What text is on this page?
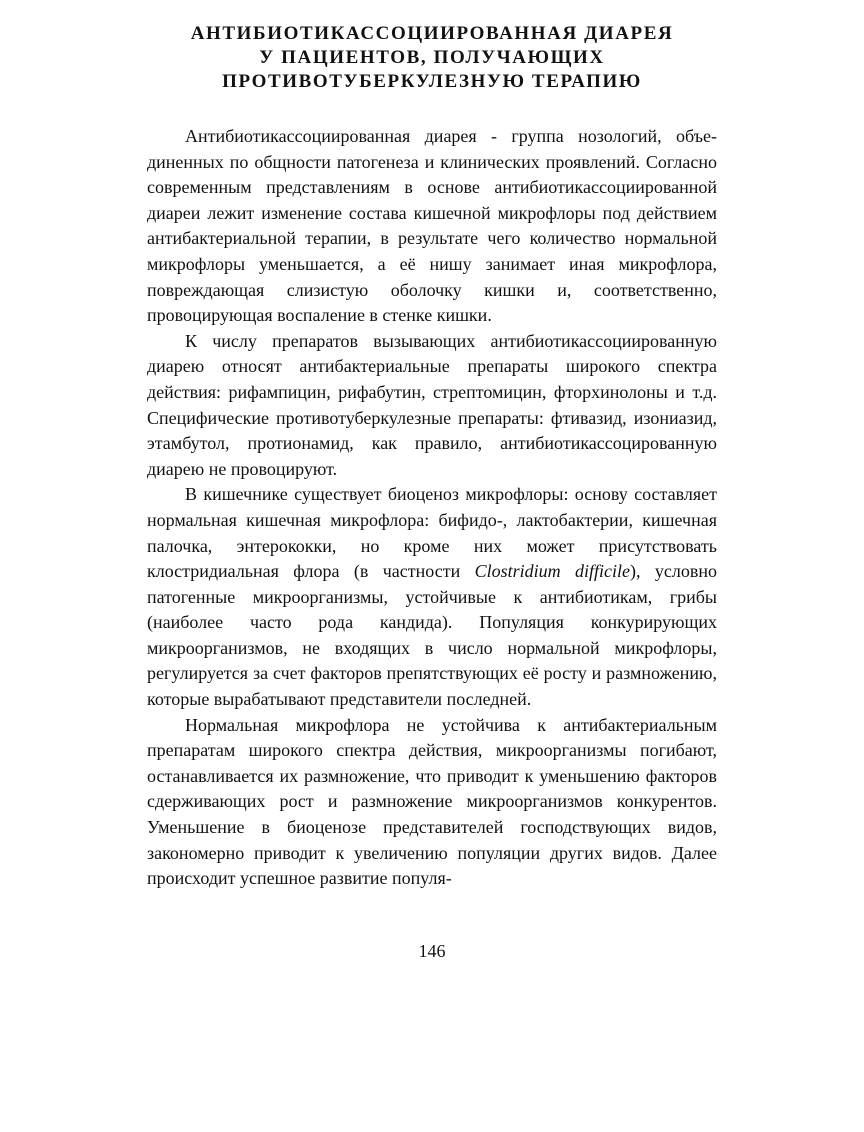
АНТИБИОТИКАССОЦИИРОВАННАЯ ДИАРЕЯ
У ПАЦИЕНТОВ, ПОЛУЧАЮЩИХ
ПРОТИВОТУБЕРКУЛЕЗНУЮ ТЕРАПИЮ

Антибиотикассоциированная диарея - группа нозологий, объединенных по общности патогенеза и клинических проявлений. Согласно современным представлениям в основе антибиотикассоциированной диареи лежит изменение состава кишечной микрофлоры под действием антибактериальной терапии, в результате чего количество нормальной микрофлоры уменьшается, а её нишу занимает иная микрофлора, повреждающая слизистую оболочку кишки и, соответственно, провоцирующая воспаление в стенке кишки.

К числу препаратов вызывающих антибиотикассоциированную диарею относят антибактериальные препараты широкого спектра действия: рифампицин, рифабутин, стрептомицин, фторхинолоны и т.д. Специфические противотуберкулезные препараты: фтивазид, изониазид, этамбутол, протионамид, как правило, антибиотикассоцированную диарею не провоцируют.

В кишечнике существует биоценоз микрофлоры: основу составляет нормальная кишечная микрофлора: бифидо-, лактобактерии, кишечная палочка, энтерококки, но кроме них может присутствовать клостридиальная флора (в частности Clostridium difficile), условно патогенные микроорганизмы, устойчивые к антибиотикам, грибы (наиболее часто рода кандида). Популяция конкурирующих микроорганизмов, не входящих в число нормальной микрофлоры, регулируется за счет факторов препятствующих её росту и размножению, которые вырабатывают представители последней.

Нормальная микрофлора не устойчива к антибактериальным препаратам широкого спектра действия, микроорганизмы погибают, останавливается их размножение, что приводит к уменьшению факторов сдерживающих рост и размножение микроорганизмов конкурентов. Уменьшение в биоценозе представителей господствующих видов, закономерно приводит к увеличению популяции других видов. Далее происходит успешное развитие популя-

146
